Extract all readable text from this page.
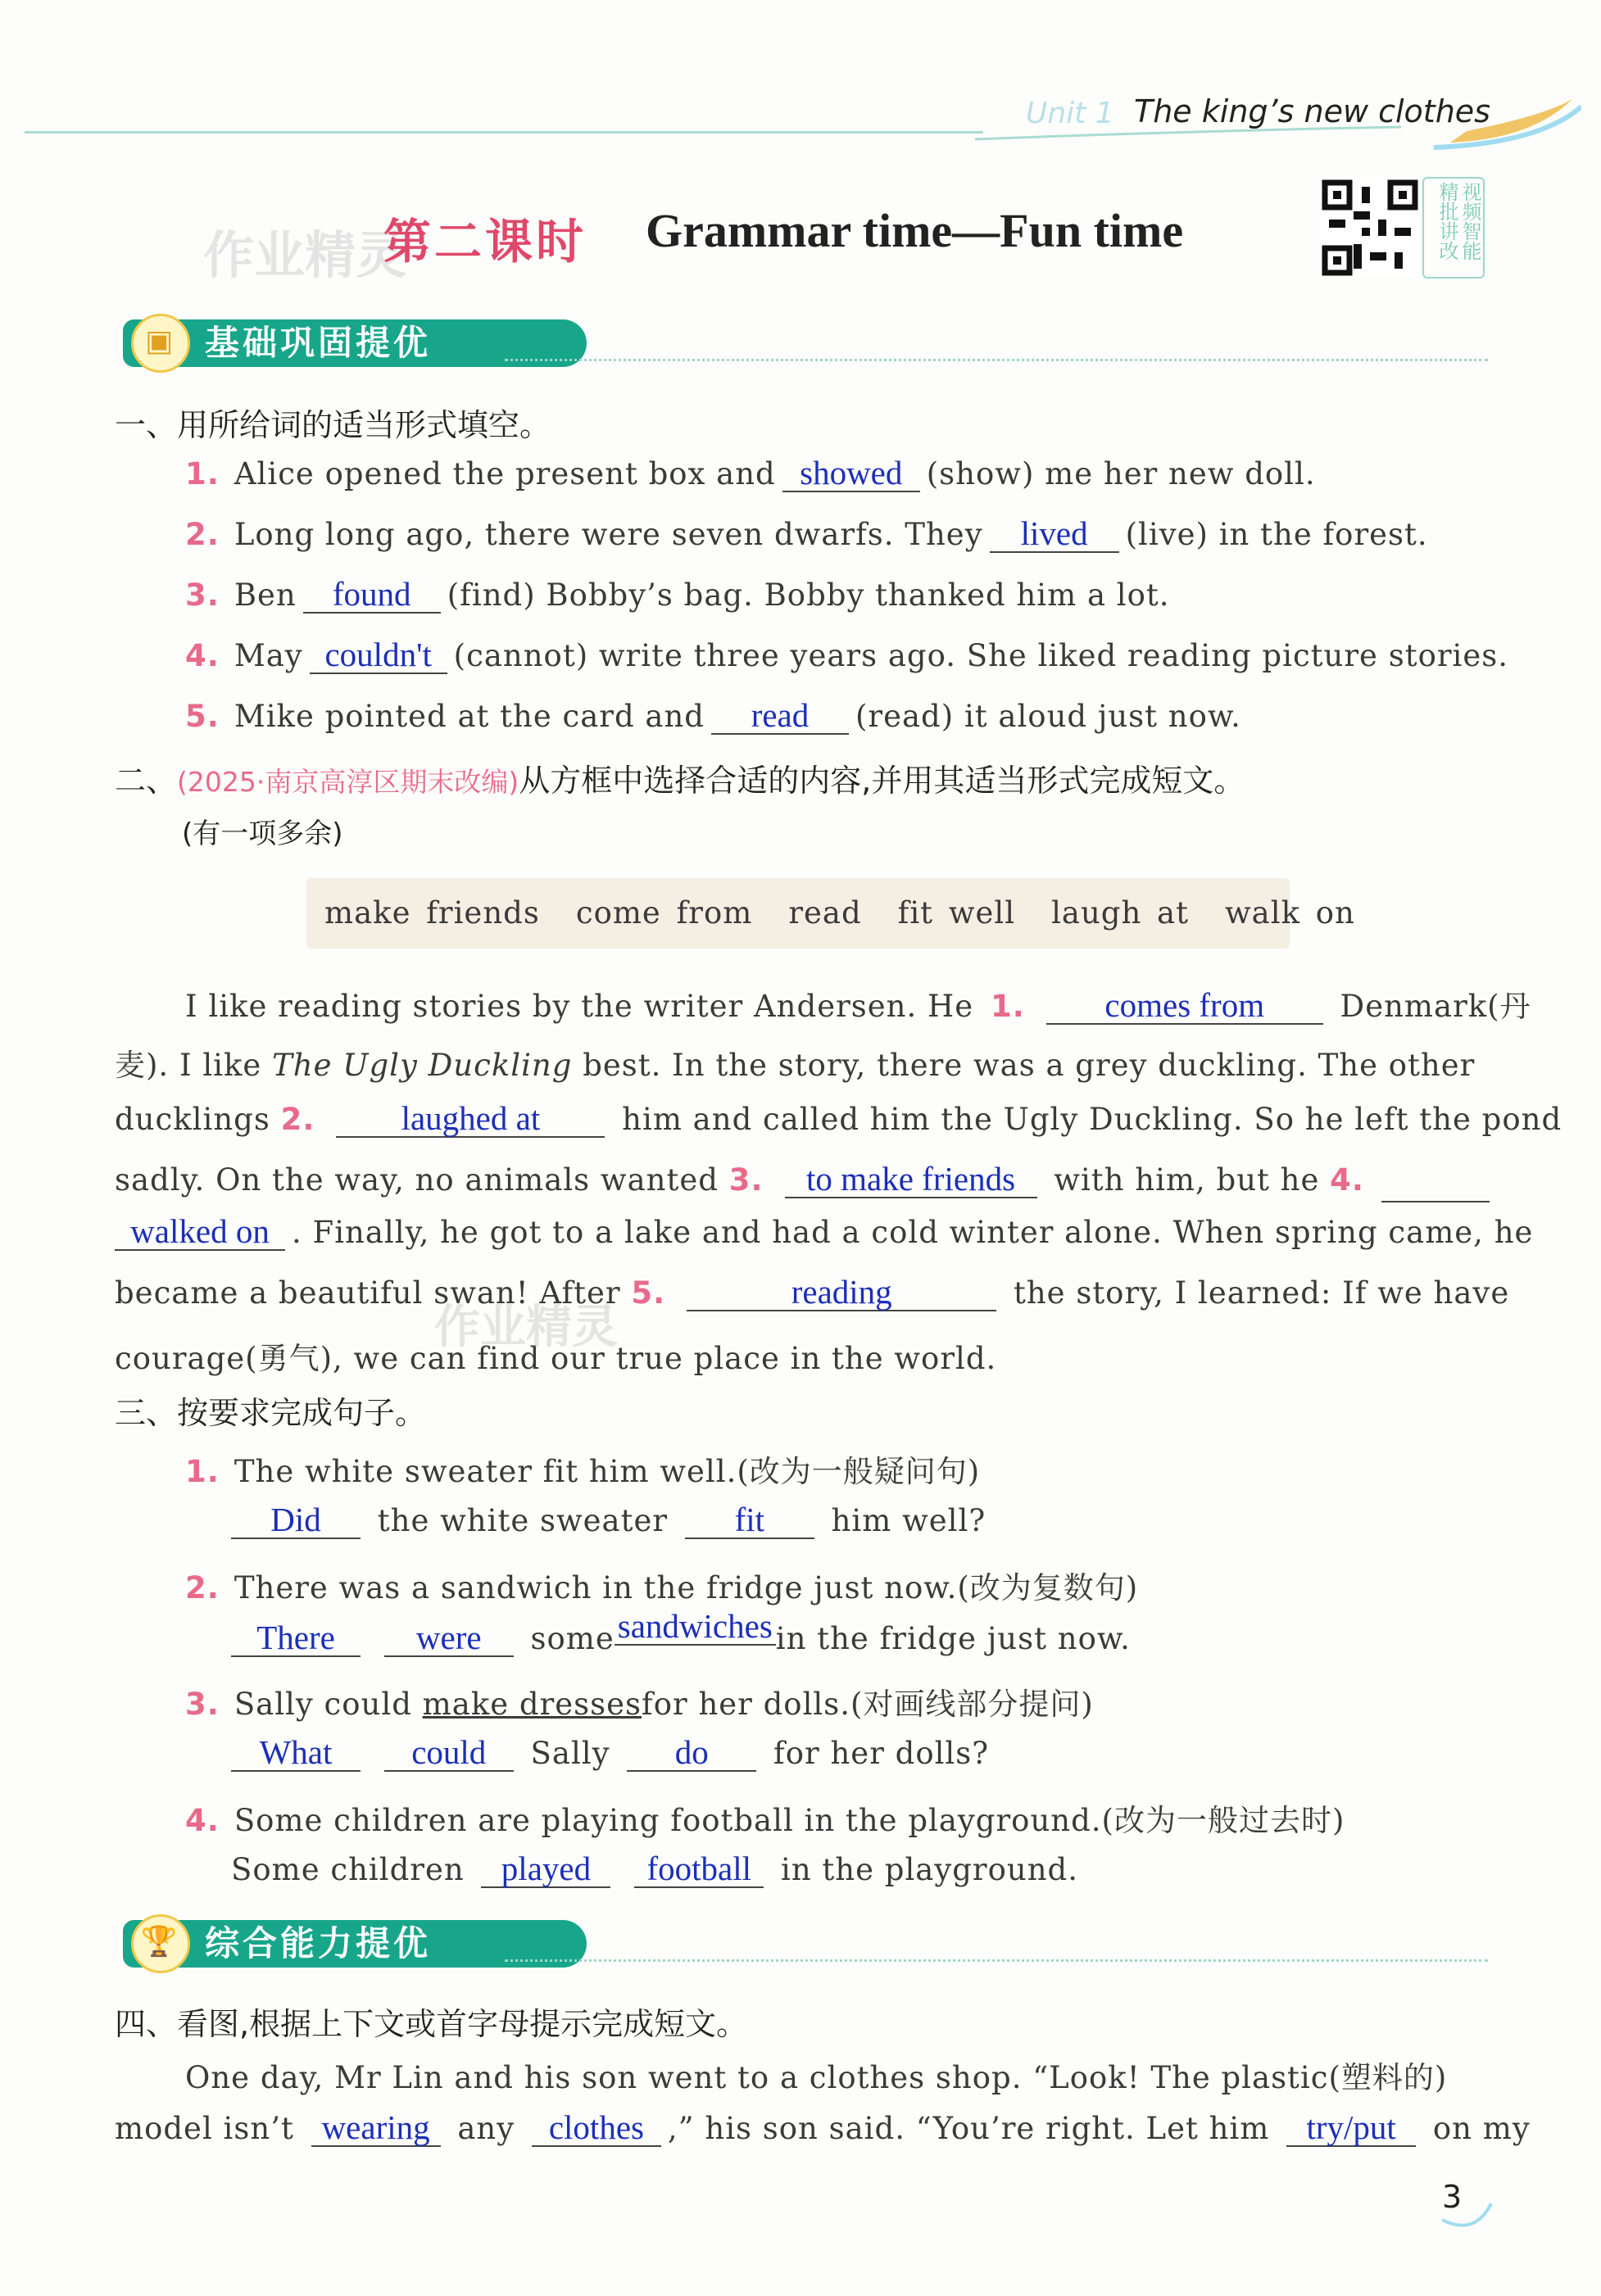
Unit 1 The king’s new clothes
作业精灵
第二课时 Grammar time—Fun time	视频智能精批讲改
▣ 基础巩固提优
一、用所给词的适当形式填空。
1. Alice opened the present box and showed (show) me her new doll.
2. Long long ago, there were seven dwarfs. They lived (live) in the forest.
3. Ben found (find) Bobby’s bag. Bobby thanked him a lot.
4. May couldn't (cannot) write three years ago. She liked reading picture stories.
5. Mike pointed at the card and read (read) it aloud just now.
二、(2025·南京高淳区期末改编)从方框中选择合适的内容,并用其适当形式完成短文。
(有一项多余)
make friends come from read fit well laugh at walk on
I like reading stories by the writer Andersen. He 1. comes from Denmark(丹
麦). I like The Ugly Duckling best. In the story, there was a grey duckling. The other
ducklings 2.	laughed at	him and called him the Ugly Duckling. So he left the pond
sadly. On the way, no animals wanted 3. to make friends with him, but he 4.
walked on . Finally, he got to a lake and had a cold winter alone. When spring came, he
became a beautiful swan! After 5.	reading	the story, I learned: If we have
courage(勇气), we can find our true place in the world.
作业精灵
三、按要求完成句子。
1. The white sweater fit him well.(改为一般疑问句)
Did the white sweater fit him well?
2. There was a sandwich in the fridge just now.(改为复数句)
There were somesandwiches in the fridge just now.
3. Sally could make dressesfor her dolls.(对画线部分提问)
What could Sally do for her dolls?
4. Some children are playing football in the playground.(改为一般过去时)
Some children played football in the playground.
🏆 综合能力提优
四、看图,根据上下文或首字母提示完成短文。
One day, Mr Lin and his son went to a clothes shop. “Look! The plastic(塑料的)
model isn’t wearing any clothes ,” his son said. “You’re right. Let him try/put on my
3
